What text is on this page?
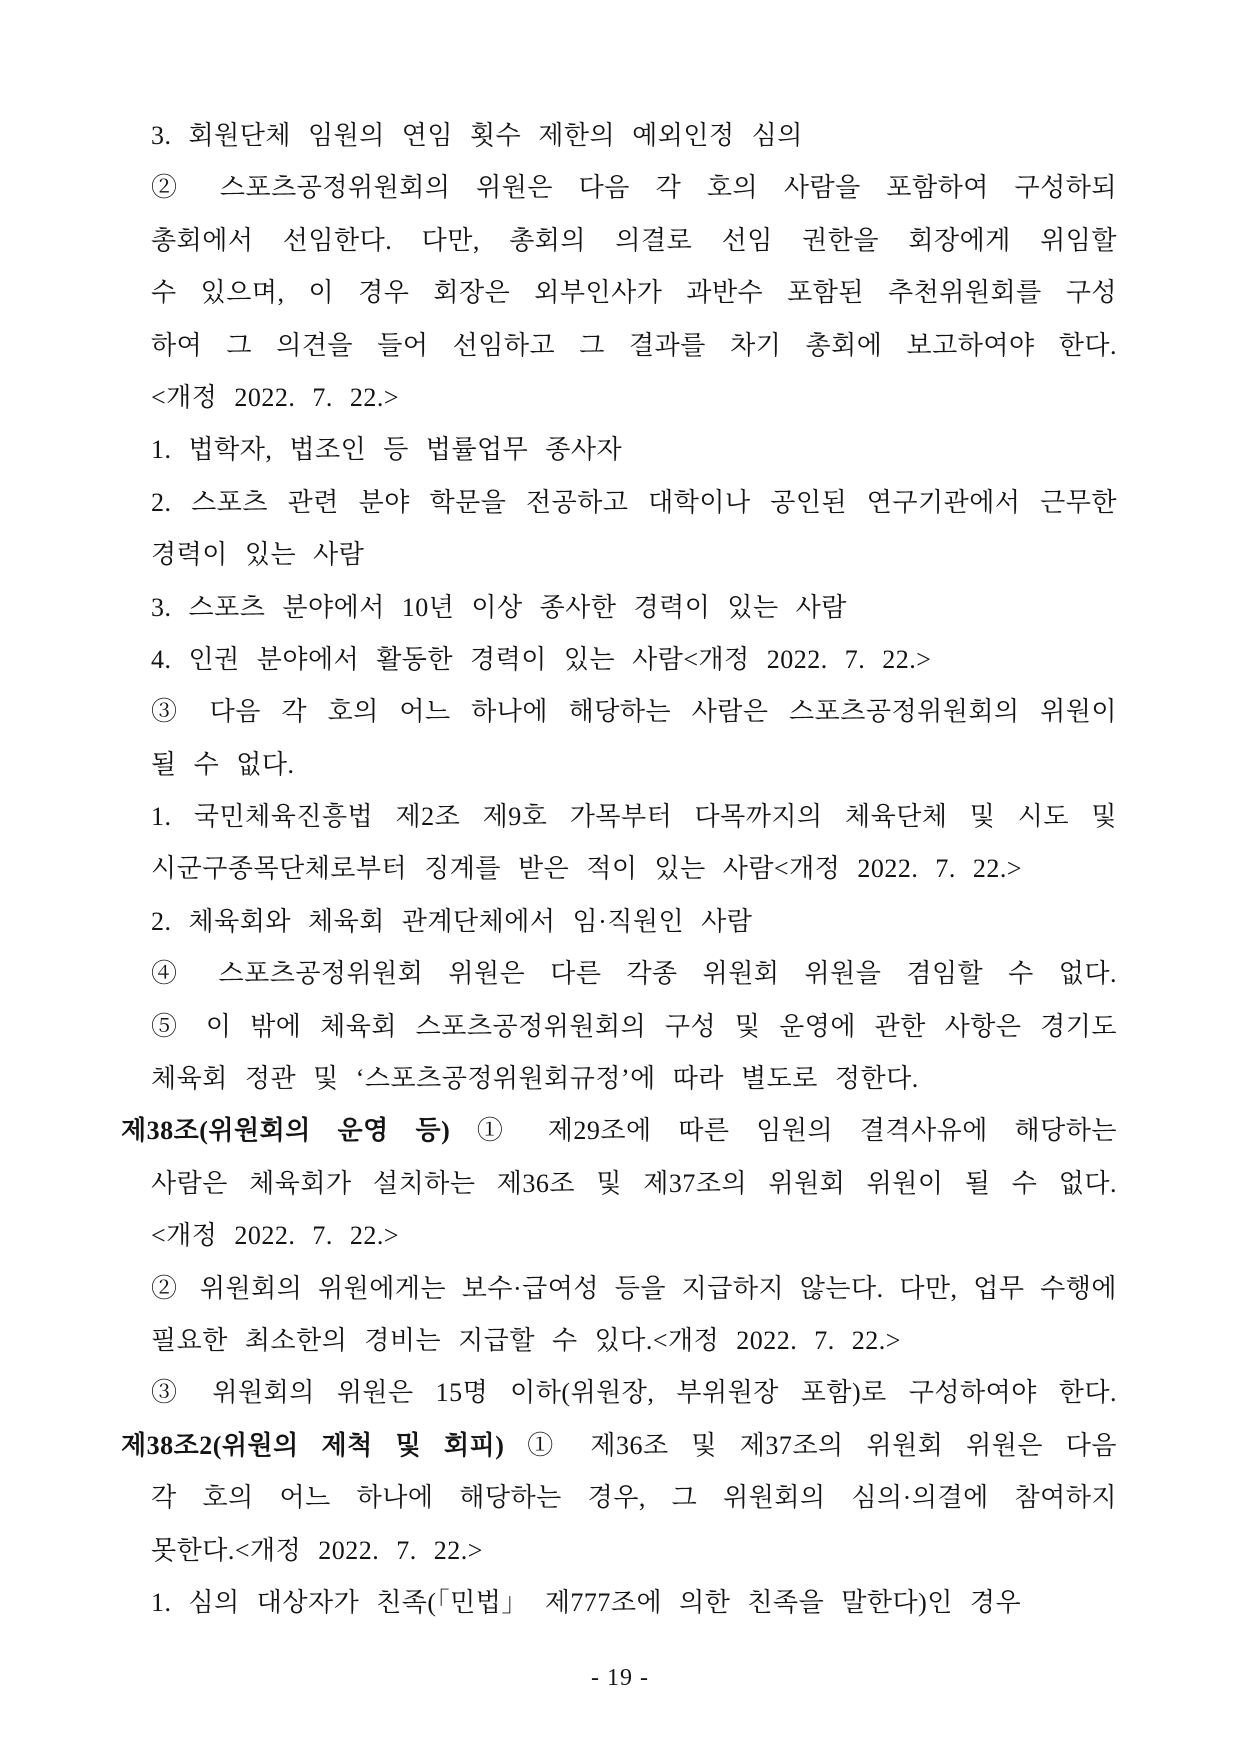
3. 회원단체 임원의 연임 횟수 제한의 예외인정 심의
② 스포츠공정위원회의 위원은 다음 각 호의 사람을 포함하여 구성하되
총회에서 선임한다. 다만, 총회의 의결로 선임 권한을 회장에게 위임할
수 있으며, 이 경우 회장은 외부인사가 과반수 포함된 추천위원회를 구성
하여 그 의견을 들어 선임하고 그 결과를 차기 총회에 보고하여야 한다.
<개정 2022. 7. 22.>
1. 법학자, 법조인 등 법률업무 종사자
2. 스포츠 관련 분야 학문을 전공하고 대학이나 공인된 연구기관에서 근무한
경력이 있는 사람
3. 스포츠 분야에서 10년 이상 종사한 경력이 있는 사람
4. 인권 분야에서 활동한 경력이 있는 사람<개정 2022. 7. 22.>
③ 다음 각 호의 어느 하나에 해당하는 사람은 스포츠공정위원회의 위원이
될 수 없다.
1. 국민체육진흥법 제2조 제9호 가목부터 다목까지의 체육단체 및 시도 및
시군구종목단체로부터 징계를 받은 적이 있는 사람<개정 2022. 7. 22.>
2. 체육회와 체육회 관계단체에서 임·직원인 사람
④ 스포츠공정위원회 위원은 다른 각종 위원회 위원을 겸임할 수 없다.
⑤ 이 밖에 체육회 스포츠공정위원회의 구성 및 운영에 관한 사항은 경기도
체육회 정관 및 ‘스포츠공정위원회규정’에 따라 별도로 정한다.
제38조(위원회의 운영 등) ① 제29조에 따른 임원의 결격사유에 해당하는
사람은 체육회가 설치하는 제36조 및 제37조의 위원회 위원이 될 수 없다.
<개정 2022. 7. 22.>
② 위원회의 위원에게는 보수·급여성 등을 지급하지 않는다. 다만, 업무 수행에
필요한 최소한의 경비는 지급할 수 있다.<개정 2022. 7. 22.>
③ 위원회의 위원은 15명 이하(위원장, 부위원장 포함)로 구성하여야 한다.
제38조2(위원의 제척 및 회피) ① 제36조 및 제37조의 위원회 위원은 다음
각 호의 어느 하나에 해당하는 경우, 그 위원회의 심의·의결에 참여하지
못한다.<개정 2022. 7. 22.>
1. 심의 대상자가 친족(「민법」 제777조에 의한 친족을 말한다)인 경우
- 19 -
